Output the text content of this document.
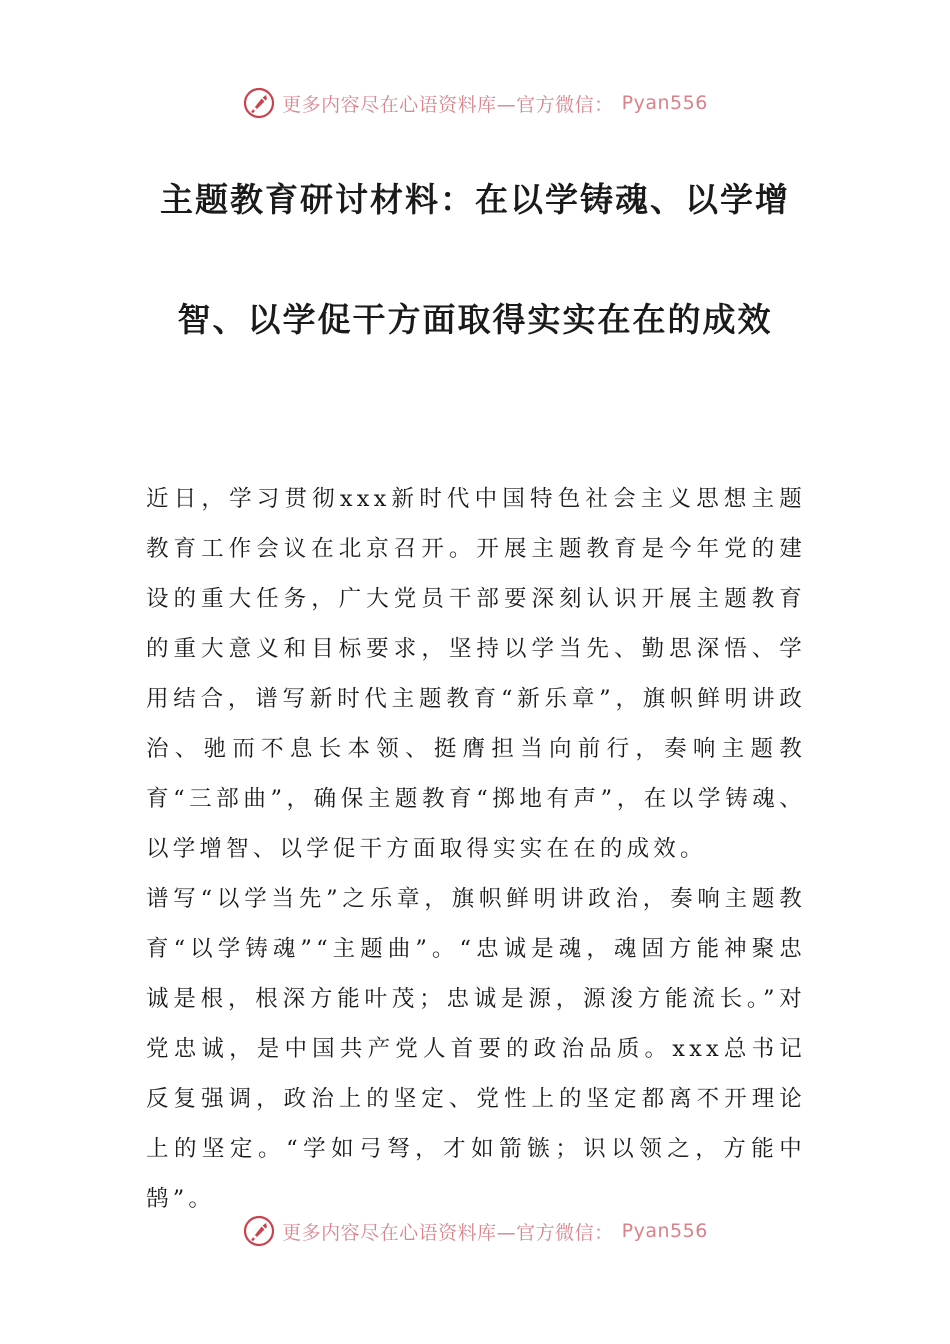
更多内容尽在心语资料库—官方微信： Pyan556
主题教育研讨材料：在以学铸魂、以学增
智、以学促干方面取得实实在在的成效

近日，学习贯彻xxx新时代中国特色社会主义思想主题教育工作会议在北京召开。开展主题教育是今年党的建设的重大任务，广大党员干部要深刻认识开展主题教育的重大意义和目标要求，坚持以学当先、勤思深悟、学用结合，谱写新时代主题教育“新乐章”，旗帜鲜明讲政治、驰而不息长本领、挺膺担当向前行，奏响主题教育“三部曲”，确保主题教育“掷地有声”，在以学铸魂、以学增智、以学促干方面取得实实在在的成效。

谱写“以学当先”之乐章，旗帜鲜明讲政治，奏响主题教育“以学铸魂”“主题曲”。“忠诚是魂，魂固方能神聚忠诚是根，根深方能叶茂；忠诚是源，源浚方能流长。”对党忠诚，是中国共产党人首要的政治品质。xxx总书记反复强调，政治上的坚定、党性上的坚定都离不开理论上的坚定。“学如弓弩，才如箭镞；识以领之，方能中鹄”。

更多内容尽在心语资料库—官方微信： Pyan556
